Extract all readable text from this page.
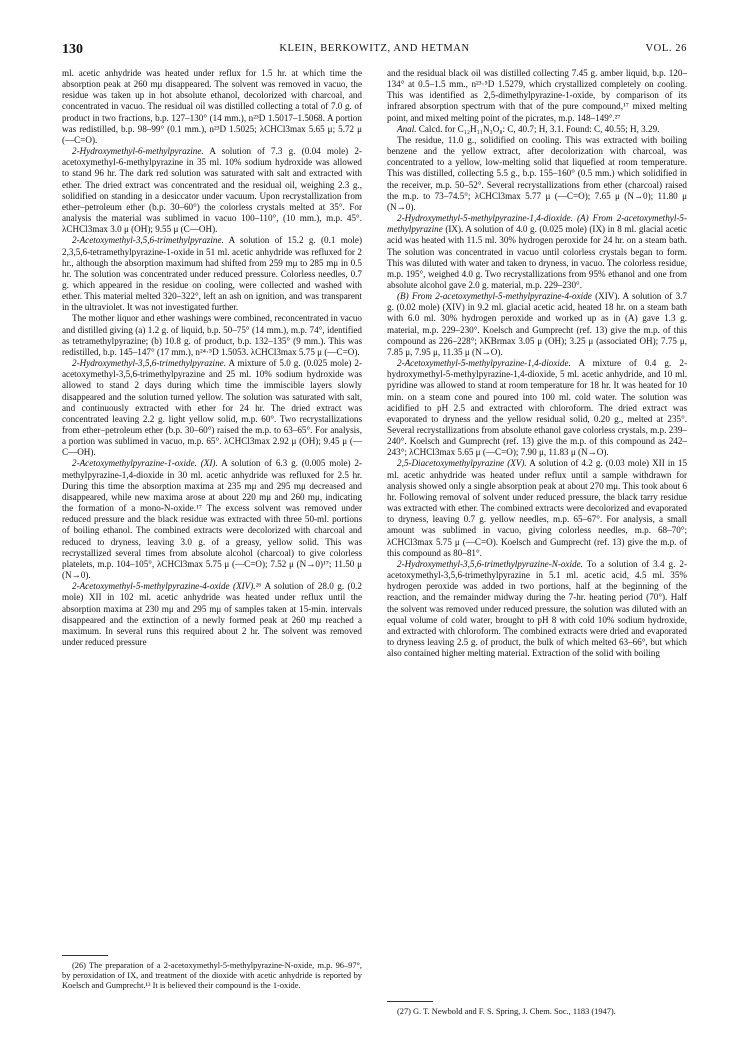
130	KLEIN, BERKOWITZ, AND HETMAN	VOL. 26

ml. acetic anhydride was heated under reflux for 1.5 hr. at which time the absorption peak at 260 mμ disappeared. The solvent was removed in vacuo, the residue was taken up in hot absolute ethanol, decolorized with charcoal, and concentrated in vacuo. The residual oil was distilled collecting a total of 7.0 g. of product in two fractions, b.p. 127–130° (14 mm.), n²³D 1.5017–1.5068. A portion was redistilled, b.p. 98–99° (0.1 mm.), n²³D 1.5025; λCHCl3max 5.65 μ; 5.72 μ (—C=O).

2-Hydroxymethyl-6-methylpyrazine. A solution of 7.3 g. (0.04 mole) 2-acetoxymethyl-6-methylpyrazine in 35 ml. 10% sodium hydroxide was allowed to stand 96 hr. The dark red solution was saturated with salt and extracted with ether. The dried extract was concentrated and the residual oil, weighing 2.3 g., solidified on standing in a desiccator under vacuum. Upon recrystallization from ether–petroleum ether (b.p. 30–60°) the colorless crystals melted at 35°. For analysis the material was sublimed in vacuo 100–110°, (10 mm.), m.p. 45°. λCHCl3max 3.0 μ (OH); 9.55 μ (C—OH).

2-Acetoxymethyl-3,5,6-trimethylpyrazine. A solution of 15.2 g. (0.1 mole) 2,3,5,6-tetramethylpyrazine-1-oxide in 51 ml. acetic anhydride was refluxed for 2 hr., although the absorption maximum had shifted from 259 mμ to 285 mμ in 0.5 hr. The solution was concentrated under reduced pressure. Colorless needles, 0.7 g. which appeared in the residue on cooling, were collected and washed with ether. This material melted 320–322°, left an ash on ignition, and was transparent in the ultraviolet. It was not investigated further.

The mother liquor and ether washings were combined, reconcentrated in vacuo and distilled giving (a) 1.2 g. of liquid, b.p. 50–75° (14 mm.), m.p. 74°, identified as tetramethylpyrazine; (b) 10.8 g. of product, b.p. 132–135° (9 mm.). This was redistilled, b.p. 145–147° (17 mm.), n²⁴·⁵D 1.5053. λCHCl3max 5.75 μ (—C=O).

2-Hydroxymethyl-3,5,6-trimethylpyrazine. A mixture of 5.0 g. (0.025 mole) 2-acetoxymethyl-3,5,6-trimethylpyrazine and 25 ml. 10% sodium hydroxide was allowed to stand 2 days during which time the immiscible layers slowly disappeared and the solution turned yellow. The solution was saturated with salt, and continuously extracted with ether for 24 hr. The dried extract was concentrated leaving 2.2 g. light yellow solid, m.p. 60°. Two recrystallizations from ether–petroleum ether (b.p. 30–60°) raised the m.p. to 63–65°. For analysis, a portion was sublimed in vacuo, m.p. 65°. λCHCl3max 2.92 μ (OH); 9.45 μ (—C—OH).

2-Acetoxymethylpyrazine-1-oxide. (XI). A solution of 6.3 g. (0.005 mole) 2-methylpyrazine-1,4-dioxide in 30 ml. acetic anhydride was refluxed for 2.5 hr. During this time the absorption maxima at 235 mμ and 295 mμ decreased and disappeared, while new maxima arose at about 220 mμ and 260 mμ, indicating the formation of a mono-N-oxide.¹⁷ The excess solvent was removed under reduced pressure and the black residue was extracted with three 50-ml. portions of boiling ethanol. The combined extracts were decolorized with charcoal and reduced to dryness, leaving 3.0 g. of a greasy, yellow solid. This was recrystallized several times from absolute alcohol (charcoal) to give colorless platelets, m.p. 104–105°, λCHCl3max 5.75 μ (—C=O); 7.52 μ (N→0)¹⁷; 11.50 μ (N→0).

2-Acetoxymethyl-5-methylpyrazine-4-oxide (XIV).²⁶ A solution of 28.0 g. (0.2 mole) XII in 102 ml. acetic anhydride was heated under reflux until the absorption maxima at 230 mμ and 295 mμ of samples taken at 15-min. intervals disappeared and the extinction of a newly formed peak at 260 mμ reached a maximum. In several runs this required about 2 hr. The solvent was removed under reduced pressure

(26) The preparation of a 2-acetoxymethyl-5-methylpyrazine-N-oxide, m.p. 96–97°, by peroxidation of IX, and treatment of the dioxide with acetic anhydride is reported by Koelsch and Gumprecht.¹³ It is believed their compound is the 1-oxide.

and the residual black oil was distilled collecting 7.45 g. amber liquid, b.p. 120–134° at 0.5–1.5 mm., n²³·⁵D 1.5279, which crystallized completely on cooling. This was identified as 2,5-dimethylpyrazine-1-oxide, by comparison of its infrared absorption spectrum with that of the pure compound,¹⁷ mixed melting point, and mixed melting point of the picrates, m.p. 148–149°.²⁷

Anal. Calcd. for C₁₂H₁₁N₃O₈: C, 40.7; H, 3.1. Found: C, 40.55; H, 3.29.

The residue, 11.0 g., solidified on cooling. This was extracted with boiling benzene and the yellow extract, after decolorization with charcoal, was concentrated to a yellow, low-melting solid that liquefied at room temperature. This was distilled, collecting 5.5 g., b.p. 155–160° (0.5 mm.) which solidified in the receiver, m.p. 50–52°. Several recrystallizations from ether (charcoal) raised the m.p. to 73–74.5°; λCHCl3max 5.77 μ (—C=O); 7.65 μ (N→0); 11.80 μ (N→0).

2-Hydroxymethyl-5-methylpyrazine-1,4-dioxide. (A) From 2-acetoxymethyl-5-methylpyrazine (IX). A solution of 4.0 g. (0.025 mole) (IX) in 8 ml. glacial acetic acid was heated with 11.5 ml. 30% hydrogen peroxide for 24 hr. on a steam bath. The solution was concentrated in vacuo until colorless crystals began to form. This was diluted with water and taken to dryness, in vacuo. The colorless residue, m.p. 195°, weighed 4.0 g. Two recrystallizations from 95% ethanol and one from absolute alcohol gave 2.0 g. material, m.p. 229–230°.

(B) From 2-acetoxymethyl-5-methylpyrazine-4-oxide (XIV). A solution of 3.7 g. (0.02 mole) (XIV) in 9.2 ml. glacial acetic acid, heated 18 hr. on a steam bath with 6.0 ml. 30% hydrogen peroxide and worked up as in (A) gave 1.3 g. material, m.p. 229–230°. Koelsch and Gumprecht (ref. 13) give the m.p. of this compound as 226–228°; λKBrmax 3.05 μ (OH); 3.25 μ (associated OH); 7.75 μ, 7.85 μ, 7.95 μ, 11.35 μ (N→O).

2-Acetoxymethyl-5-methylpyrazine-1,4-dioxide. A mixture of 0.4 g. 2-hydroxymethyl-5-methylpyrazine-1,4-dioxide, 5 ml. acetic anhydride, and 10 ml. pyridine was allowed to stand at room temperature for 18 hr. It was heated for 10 min. on a steam cone and poured into 100 ml. cold water. The solution was acidified to pH 2.5 and extracted with chloroform. The dried extract was evaporated to dryness and the yellow residual solid, 0.20 g., melted at 235°. Several recrystallizations from absolute ethanol gave colorless crystals, m.p. 239–240°. Koelsch and Gumprecht (ref. 13) give the m.p. of this compound as 242–243°; λCHCl3max 5.65 μ (—C=O); 7.90 μ, 11.83 μ (N→O).

2,5-Diacetoxymethylpyrazine (XV). A solution of 4.2 g. (0.03 mole) XII in 15 ml. acetic anhydride was heated under reflux until a sample withdrawn for analysis showed only a single absorption peak at about 270 mμ. This took about 6 hr. Following removal of solvent under reduced pressure, the black tarry residue was extracted with ether. The combined extracts were decolorized and evaporated to dryness, leaving 0.7 g. yellow needles, m.p. 65–67°. For analysis, a small amount was sublimed in vacuo, giving colorless needles, m.p. 68–70°; λCHCl3max 5.75 μ (—C=O). Koelsch and Gumprecht (ref. 13) give the m.p. of this compound as 80–81°.

2-Hydroxymethyl-3,5,6-trimethylpyrazine-N-oxide. To a solution of 3.4 g. 2-acetoxymethyl-3,5,6-trimethylpyrazine in 5.1 ml. acetic acid, 4.5 ml. 35% hydrogen peroxide was added in two portions, half at the beginning of the reaction, and the remainder midway during the 7-hr. heating period (70°). Half the solvent was removed under reduced pressure, the solution was diluted with an equal volume of cold water, brought to pH 8 with cold 10% sodium hydroxide, and extracted with chloroform. The combined extracts were dried and evaporated to dryness leaving 2.5 g. of product, the bulk of which melted 63–66°, but which also contained higher melting material. Extraction of the solid with boiling

(27) G. T. Newbold and F. S. Spring, J. Chem. Soc., 1183 (1947).
